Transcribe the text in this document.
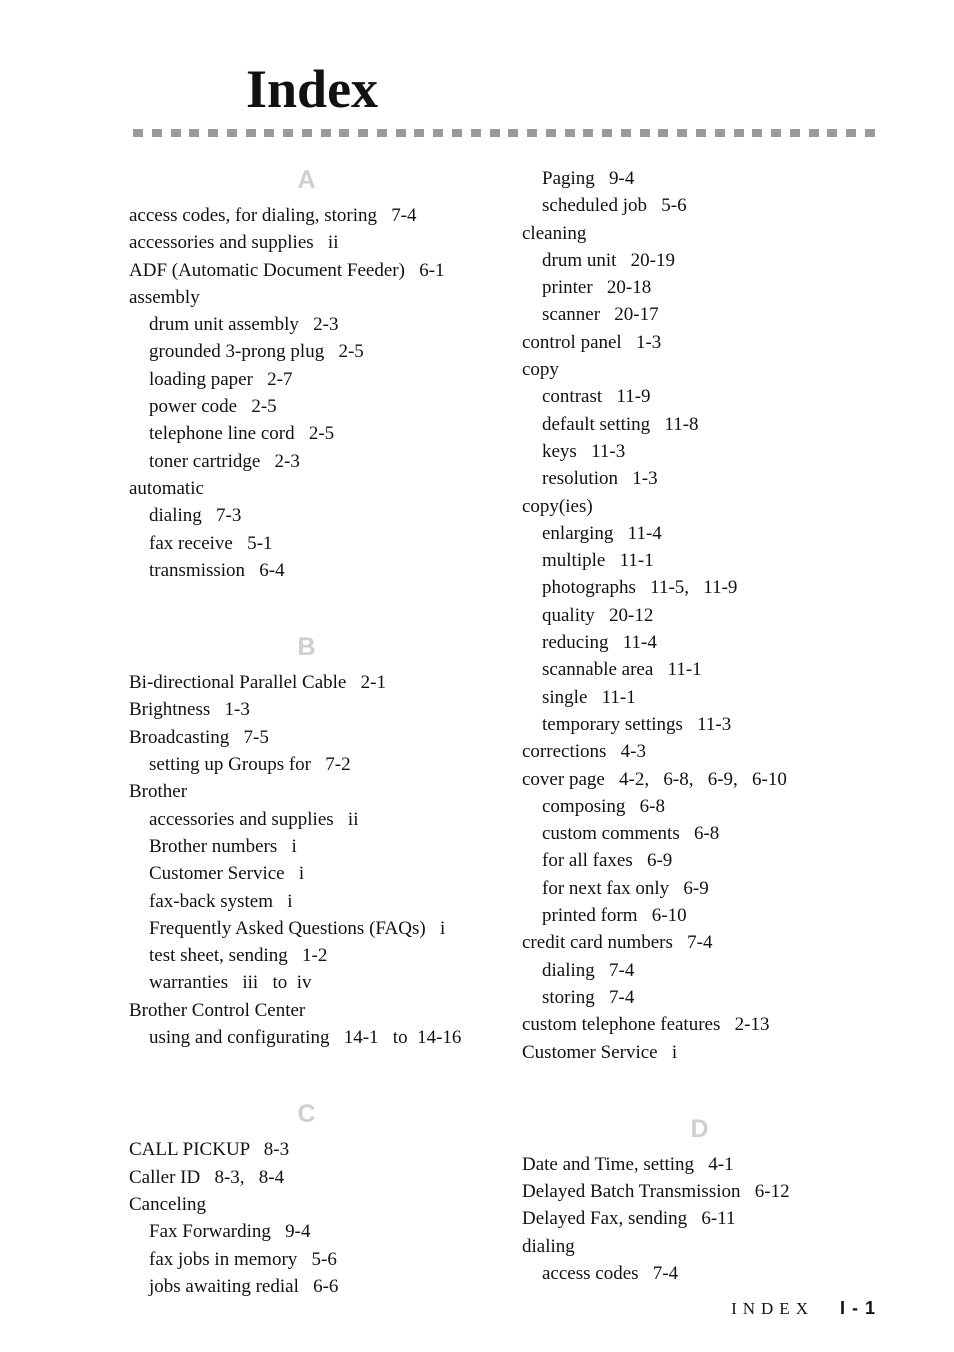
Index
A
access codes, for dialing, storing   7-4
accessories and supplies   ii
ADF (Automatic Document Feeder)   6-1
assembly
drum unit assembly   2-3
grounded 3-prong plug   2-5
loading paper   2-7
power code   2-5
telephone line cord   2-5
toner cartridge   2-3
automatic
dialing   7-3
fax receive   5-1
transmission   6-4
B
Bi-directional Parallel Cable   2-1
Brightness   1-3
Broadcasting   7-5
setting up Groups for   7-2
Brother
accessories and supplies   ii
Brother numbers   i
Customer Service   i
fax-back system   i
Frequently Asked Questions (FAQs)   i
test sheet, sending   1-2
warranties   iii   to  iv
Brother Control Center
using and configurating   14-1   to  14-16
C
CALL PICKUP   8-3
Caller ID   8-3,   8-4
Canceling
Fax Forwarding   9-4
fax jobs in memory   5-6
jobs awaiting redial   6-6
Paging   9-4
scheduled job   5-6
cleaning
drum unit   20-19
printer   20-18
scanner   20-17
control panel   1-3
copy
contrast   11-9
default setting   11-8
keys   11-3
resolution   1-3
copy(ies)
enlarging   11-4
multiple   11-1
photographs   11-5,   11-9
quality   20-12
reducing   11-4
scannable area   11-1
single   11-1
temporary settings   11-3
corrections   4-3
cover page   4-2,   6-8,   6-9,   6-10
composing   6-8
custom comments   6-8
for all faxes   6-9
for next fax only   6-9
printed form   6-10
credit card numbers   7-4
dialing   7-4
storing   7-4
custom telephone features   2-13
Customer Service   i
D
Date and Time, setting   4-1
Delayed Batch Transmission   6-12
Delayed Fax, sending   6-11
dialing
access codes   7-4
INDEX I - 1
